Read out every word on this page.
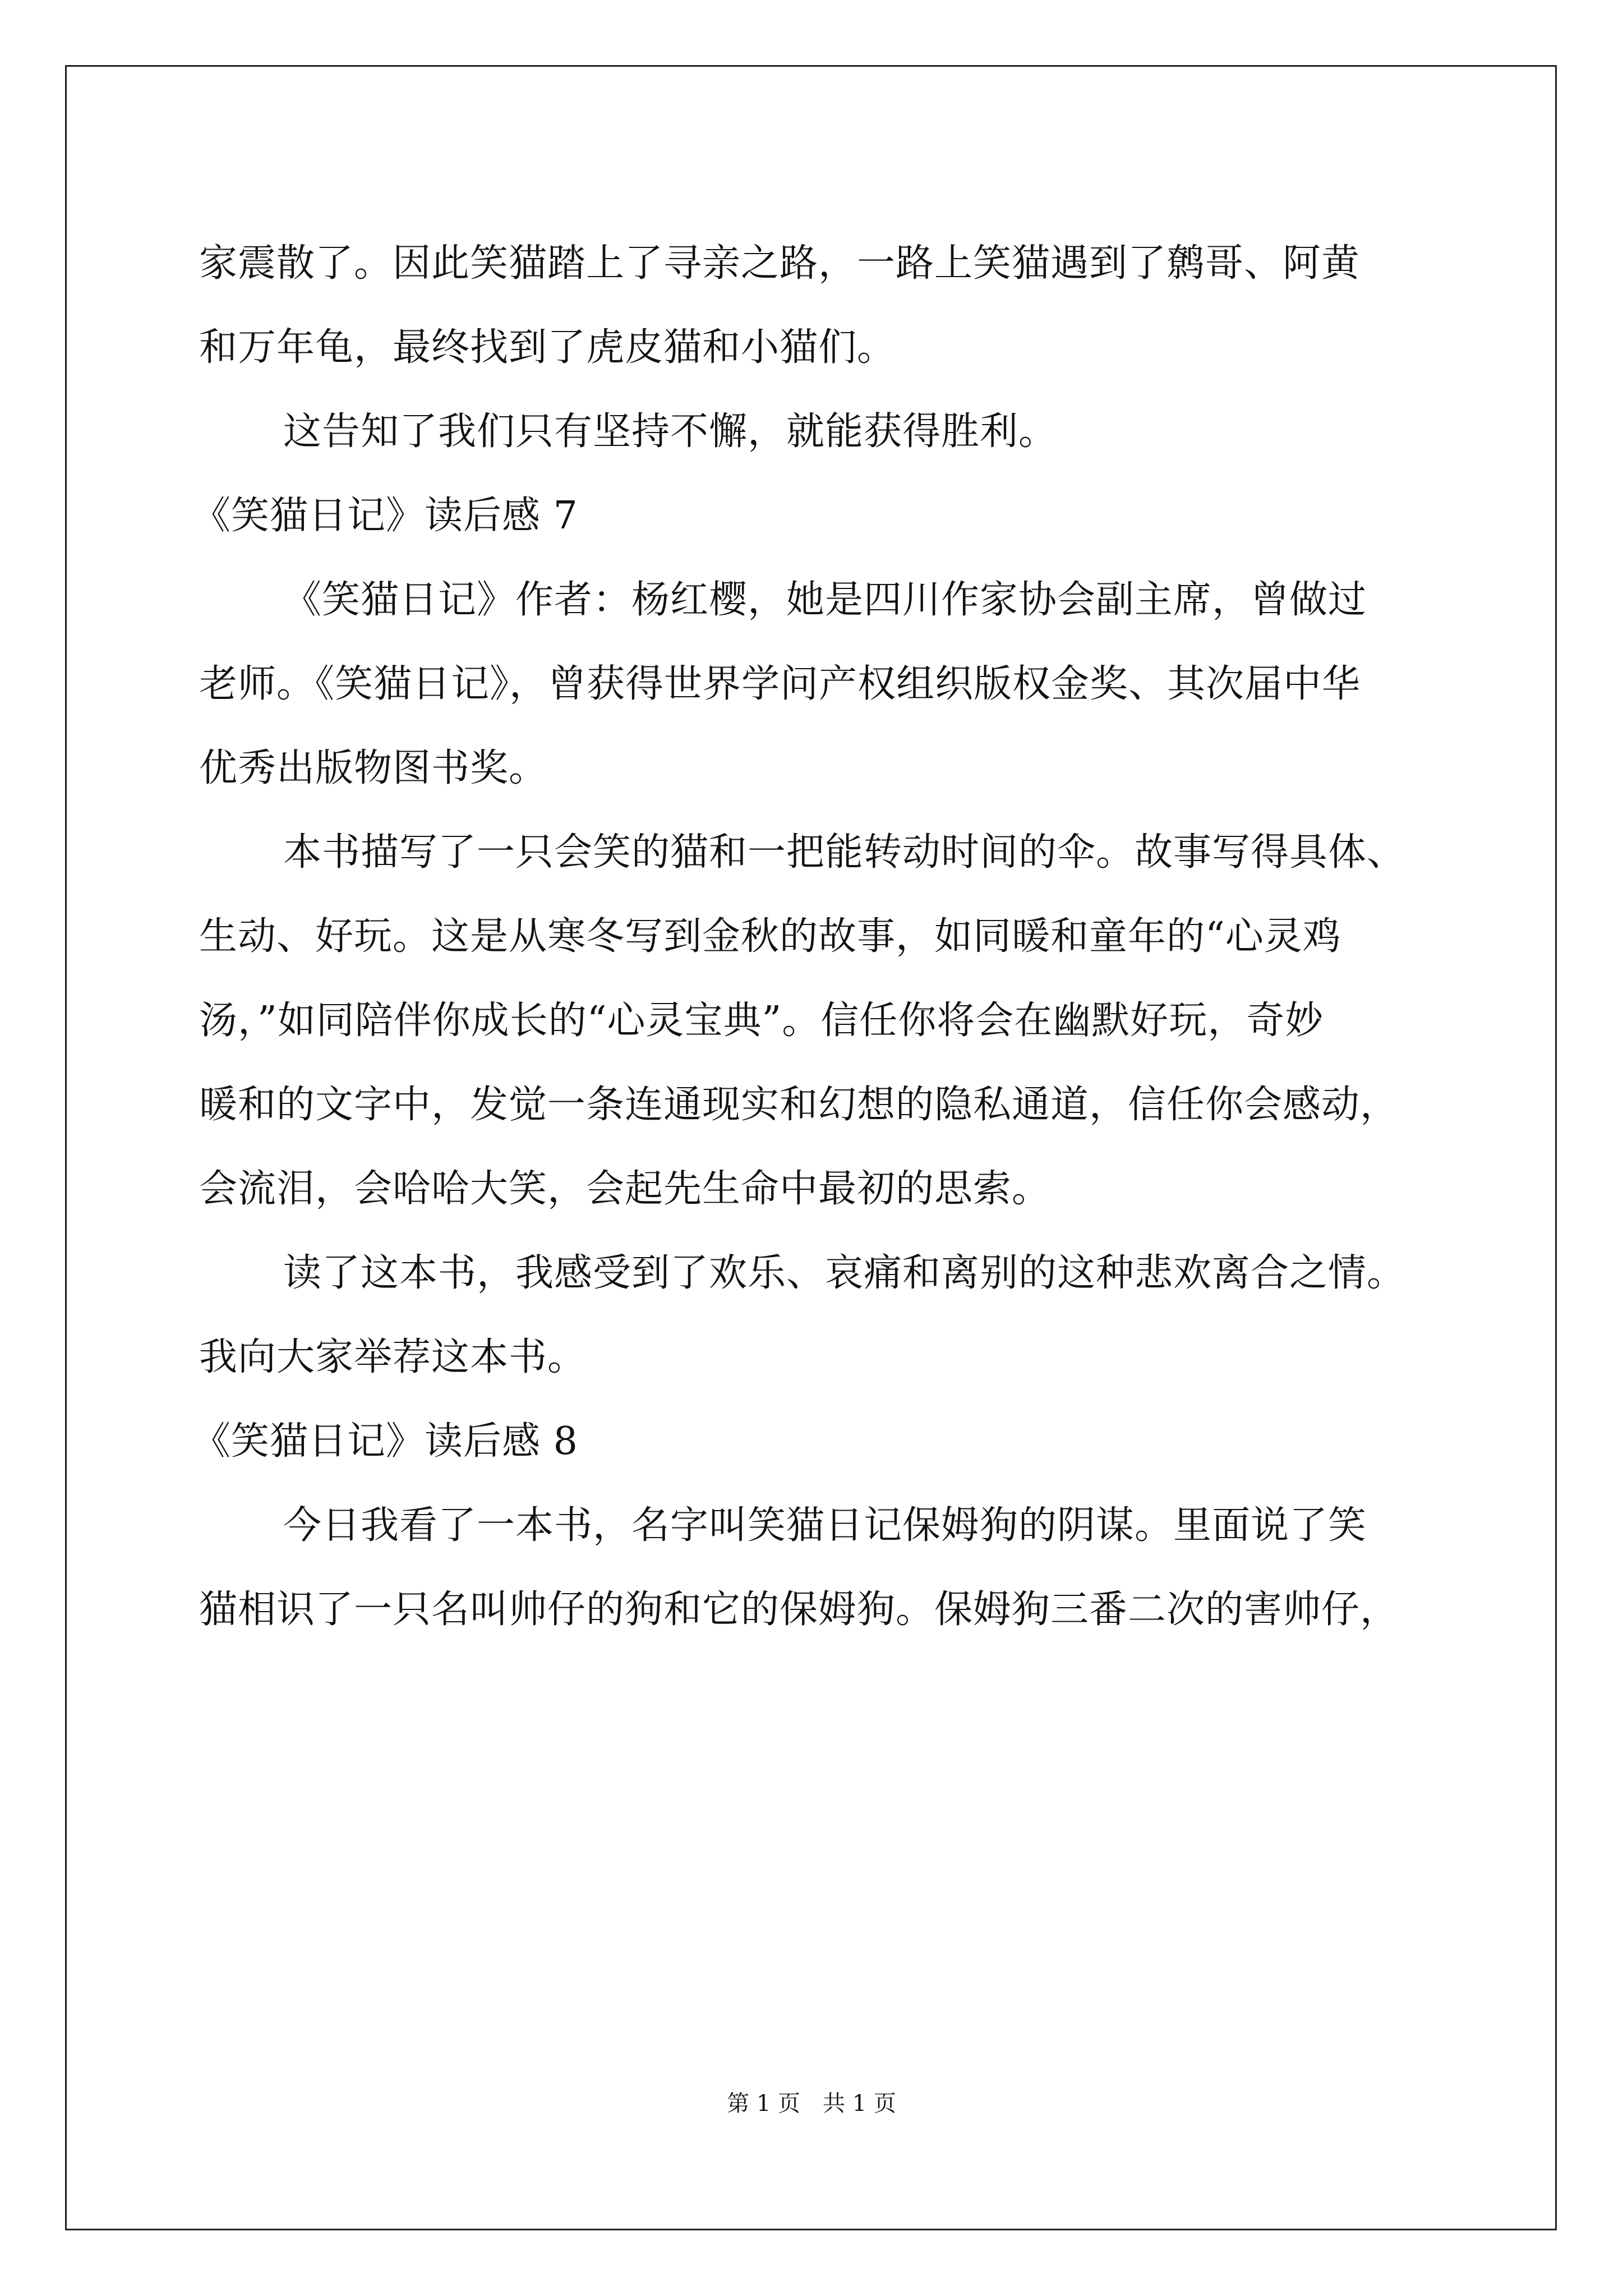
家震散了。因此笑猫踏上了寻亲之路，一路上笑猫遇到了鹩哥、阿黄
和万年龟，最终找到了虎皮猫和小猫们。
这告知了我们只有坚持不懈，就能获得胜利。
《笑猫日记》读后感 7
《笑猫日记》作者：杨红樱，她是四川作家协会副主席，曾做过
老师。《笑猫日记》，曾获得世界学问产权组织版权金奖、其次届中华
优秀出版物图书奖。
本书描写了一只会笑的猫和一把能转动时间的伞。故事写得具体、
生动、好玩。这是从寒冬写到金秋的故事，如同暖和童年的“心灵鸡
汤，”如同陪伴你成长的“心灵宝典”。信任你将会在幽默好玩，奇妙
暖和的文字中，发觉一条连通现实和幻想的隐私通道，信任你会感动，
会流泪，会哈哈大笑，会起先生命中最初的思索。
读了这本书，我感受到了欢乐、哀痛和离别的这种悲欢离合之情。
我向大家举荐这本书。
《笑猫日记》读后感 8
今日我看了一本书，名字叫笑猫日记保姆狗的阴谋。里面说了笑
猫相识了一只名叫帅仔的狗和它的保姆狗。保姆狗三番二次的害帅仔，
第 1 页　共 1 页
